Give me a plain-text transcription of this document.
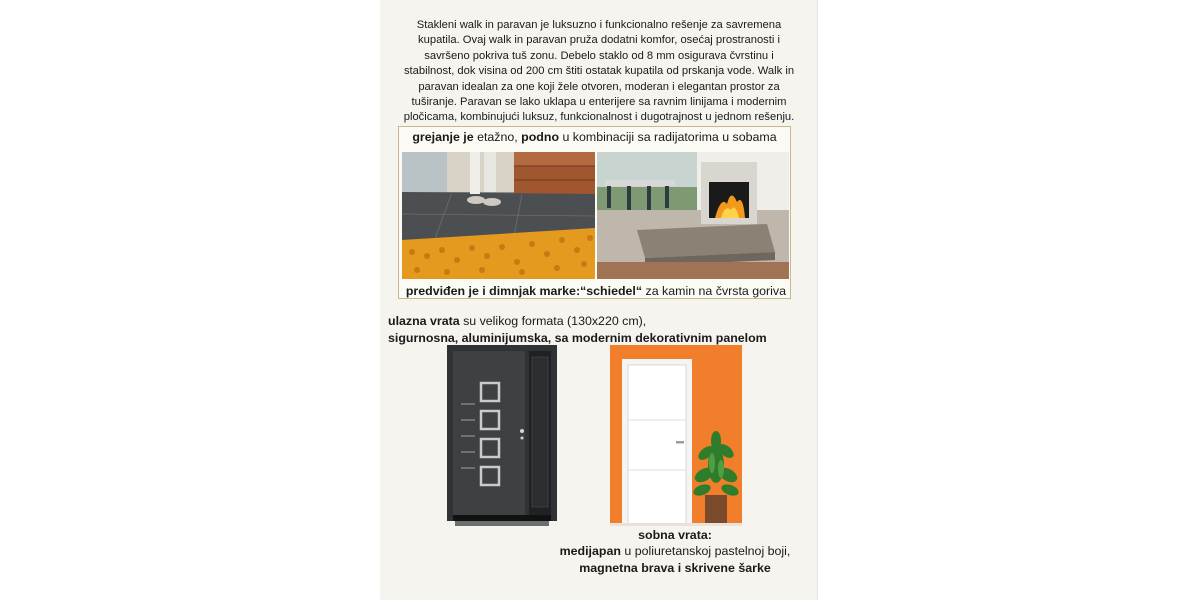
Stakleni walk in paravan je luksuzno i funkcionalno rešenje za savremena kupatila. Ovaj walk in paravan pruža dodatni komfor, osećaj prostranosti i savršeno pokriva tuš zonu. Debelo staklo od 8 mm osigurava čvrstinu i stabilnost, dok visina od 200 cm štiti ostatak kupatila od prskanja vode. Walk in paravan idealan za one koji žele otvoren, moderan i elegantan prostor za tuširanje. Paravan se lako uklapa u enterijere sa ravnim linijama i modernim pločicama, kombinujući luksuz, funkcionalnost i dugotrajnost u jednom rešenju.
grejanje je etažno, podno u kombinaciji sa radijatorima u sobama
predviđen je i dimnjak marke:“schiedel“ za kamin na čvrsta goriva
ulazna vrata su velikog formata (130x220 cm),
sigurnosna, aluminijumska, sa modernim dekorativnim panelom
sobna vrata:
medijapan u poliuretanskoj pastelnoj boji,
magnetna brava i skrivene šarke
